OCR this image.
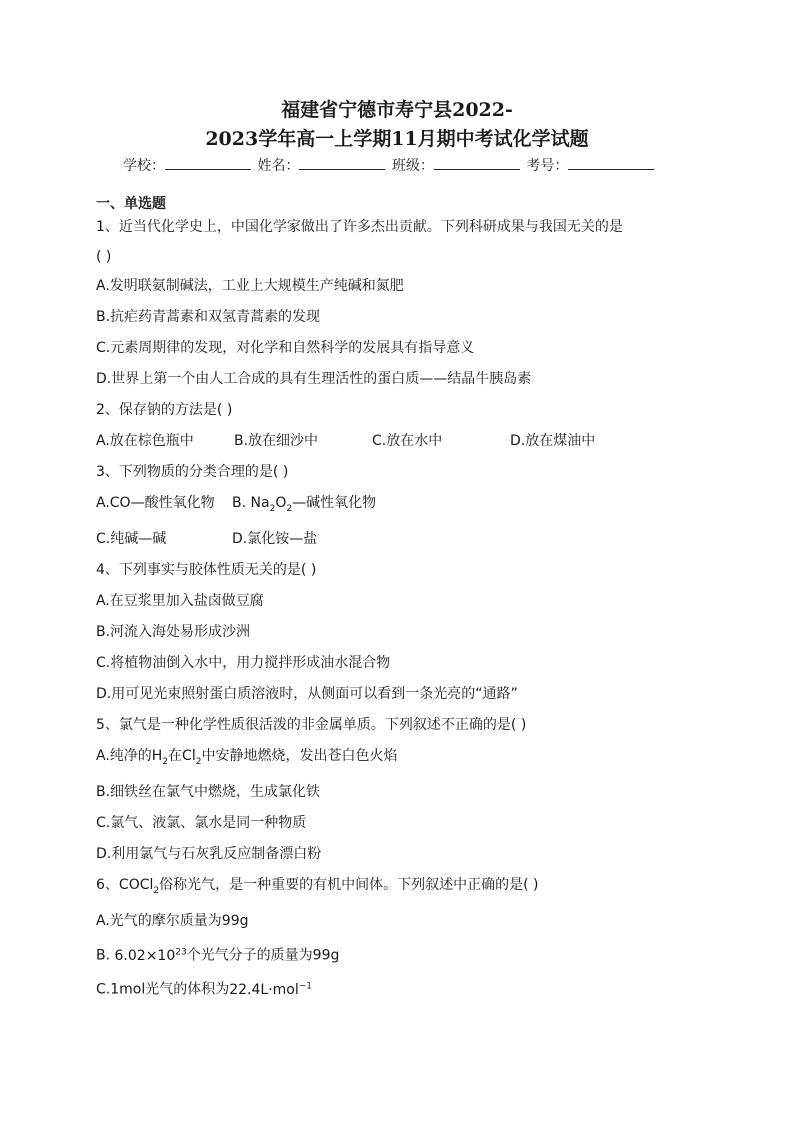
福建省宁德市寿宁县2022-
2023学年高一上学期11月期中考试化学试题
学校：	姓名：	班级：	考号：
一、单选题
1、近当代化学史上，中国化学家做出了许多杰出贡献。下列科研成果与我国无关的是
( )
A.发明联氨制碱法，工业上大规模生产纯碱和氮肥
B.抗疟药青蒿素和双氢青蒿素的发现
C.元素周期律的发现，对化学和自然科学的发展具有指导意义
D.世界上第一个由人工合成的具有生理活性的蛋白质——结晶牛胰岛素
2、保存钠的方法是( )
A.放在棕色瓶中	B.放在细沙中	C.放在水中	D.放在煤油中
3、下列物质的分类合理的是( )
A.CO—酸性氧化物 B. $Na_2O_2—$碱性氧化物
C.纯碱—碱	D.氯化铵—盐
4、下列事实与胶体性质无关的是( )
A.在豆浆里加入盐卤做豆腐
B.河流入海处易形成沙洲
C.将植物油倒入水中，用力搅拌形成油水混合物
D.用可见光束照射蛋白质溶液时，从侧面可以看到一条光亮的“通路”
5、氯气是一种化学性质很活泼的非金属单质。下列叙述不正确的是( )
A.纯净的$H_2$在$Cl_2$中安静地燃烧，发出苍白色火焰
B.细铁丝在氯气中燃烧，生成氯化铁
C.氯气、液氯、氯水是同一种物质
D.利用氯气与石灰乳反应制备漂白粉
6、COCl$_2$俗称光气，是一种重要的有机中间体。下列叙述中正确的是( )
A.光气的摩尔质量为99g
B. $6.02\times 10^{23}$个光气分子的质量为99g
C.1mol光气的体积为22.4L·mol$^{-1}$
